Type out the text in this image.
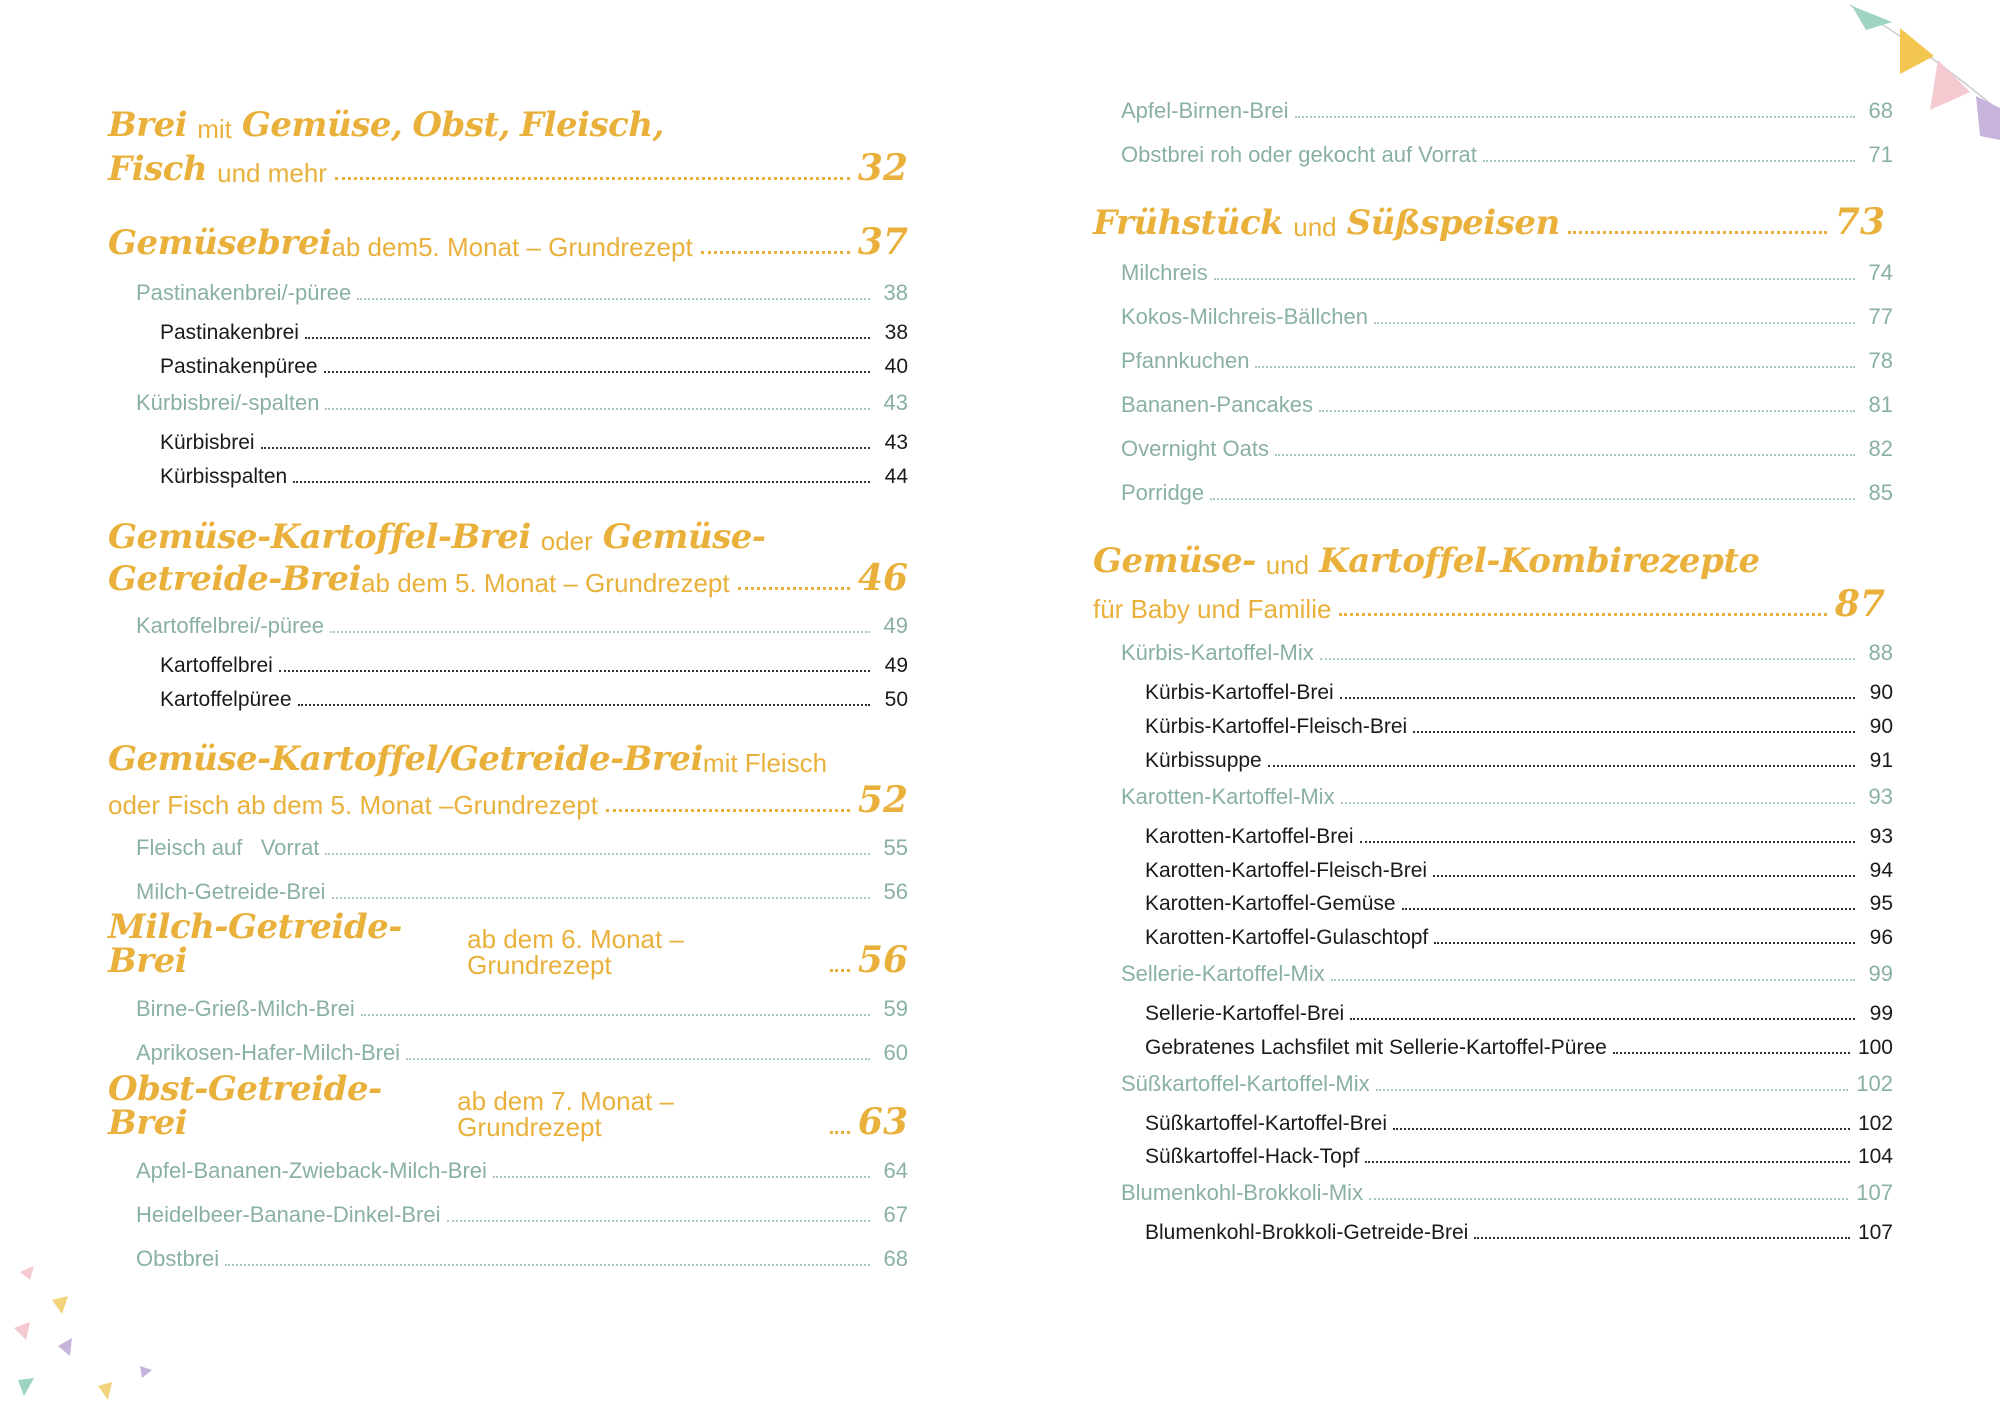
Brei mit Gemüse, Obst, Fleisch,
Fisch und mehr	32
Gemüsebrei ab dem5. Monat – Grundrezept	37
Pastinakenbrei/-püree	38
Pastinakenbrei	38
Pastinakenpüree	40
Kürbisbrei/-spalten	43
Kürbisbrei	43
Kürbisspalten	44
Gemüse-Kartoffel-Brei oder Gemüse-
Getreide-Brei ab dem 5. Monat – Grundrezept	46
Kartoffelbrei/-püree	49
Kartoffelbrei	49
Kartoffelpüree	50
Gemüse-Kartoffel/Getreide-Brei mit Fleisch
oder Fisch ab dem 5. Monat –Grundrezept	52
Fleisch auf   Vorrat	55
Milch-Getreide-Brei	56
Milch-Getreide-Brei
ab dem 6. Monat – Grundrezept	56
Birne-Grieß-Milch-Brei	59
Aprikosen-Hafer-Milch-Brei	60
Obst-Getreide-Brei
ab dem 7. Monat – Grundrezept	63
Apfel-Bananen-Zwieback-Milch-Brei	64
Heidelbeer-Banane-Dinkel-Brei	67
Obstbrei	68
Apfel-Birnen-Brei	68
Obstbrei roh oder gekocht auf Vorrat	71
Frühstück und Süßspeisen	73
Milchreis	74
Kokos-Milchreis-Bällchen	77
Pfannkuchen	78
Bananen-Pancakes	81
Overnight Oats	82
Porridge	85
Gemüse- und Kartoffel-Kombirezepte
für Baby und Familie	87
Kürbis-Kartoffel-Mix	88
Kürbis-Kartoffel-Brei	90
Kürbis-Kartoffel-Fleisch-Brei	90
Kürbissuppe	91
Karotten-Kartoffel-Mix	93
Karotten-Kartoffel-Brei	93
Karotten-Kartoffel-Fleisch-Brei	94
Karotten-Kartoffel-Gemüse	95
Karotten-Kartoffel-Gulaschtopf	96
Sellerie-Kartoffel-Mix	99
Sellerie-Kartoffel-Brei	99
Gebratenes Lachsfilet mit Sellerie-Kartoffel-Püree	100
Süßkartoffel-Kartoffel-Mix	102
Süßkartoffel-Kartoffel-Brei	102
Süßkartoffel-Hack-Topf	104
Blumenkohl-Brokkoli-Mix	107
Blumenkohl-Brokkoli-Getreide-Brei	107
